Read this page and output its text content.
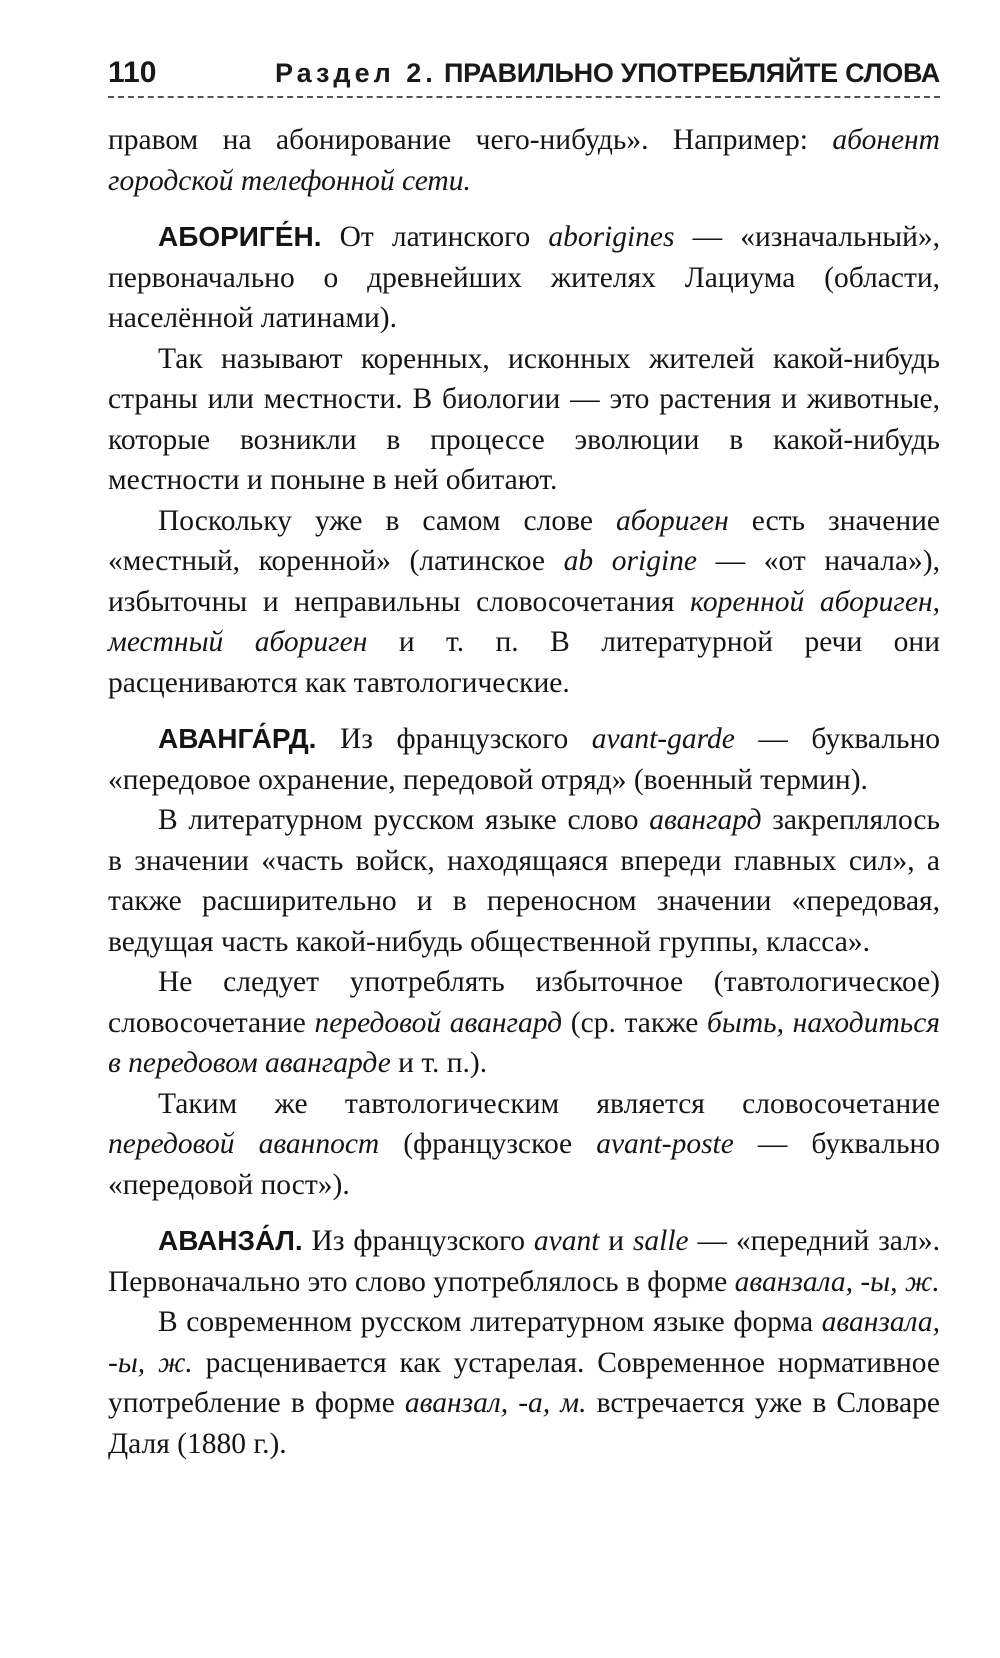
110	Раздел 2. ПРАВИЛЬНО УПОТРЕБЛЯЙТЕ СЛОВА

правом на абонирование чего-нибудь». Например: абонент городской телефонной сети.

АБОРИГЕ́Н. От латинского aborigines — «изначальный», первоначально о древнейших жителях Лациума (области, населённой латинами).

Так называют коренных, исконных жителей какой-нибудь страны или местности. В биологии — это растения и животные, которые возникли в процессе эволюции в какой-нибудь местности и поныне в ней обитают.

Поскольку уже в самом слове абориген есть значение «местный, коренной» (латинское ab origine — «от начала»), избыточны и неправильны словосочетания коренной абориген, местный абориген и т. п. В литературной речи они расцениваются как тавтологические.

АВАНГА́РД. Из французского avant-garde — буквально «передовое охранение, передовой отряд» (военный термин).

В литературном русском языке слово авангард закреплялось в значении «часть войск, находящаяся впереди главных сил», а также расширительно и в переносном значении «передовая, ведущая часть какой-нибудь общественной группы, класса».

Не следует употреблять избыточное (тавтологическое) словосочетание передовой авангард (ср. также быть, находиться в передовом авангарде и т. п.).

Таким же тавтологическим является словосочетание передовой аванпост (французское avant-poste — буквально «передовой пост»).

АВАНЗА́Л. Из французского avant и salle — «передний зал». Первоначально это слово употреблялось в форме аванзала, -ы, ж.

В современном русском литературном языке форма аванзала, -ы, ж. расценивается как устарелая. Современное нормативное употребление в форме аванзал, -а, м. встречается уже в Словаре Даля (1880 г.).
